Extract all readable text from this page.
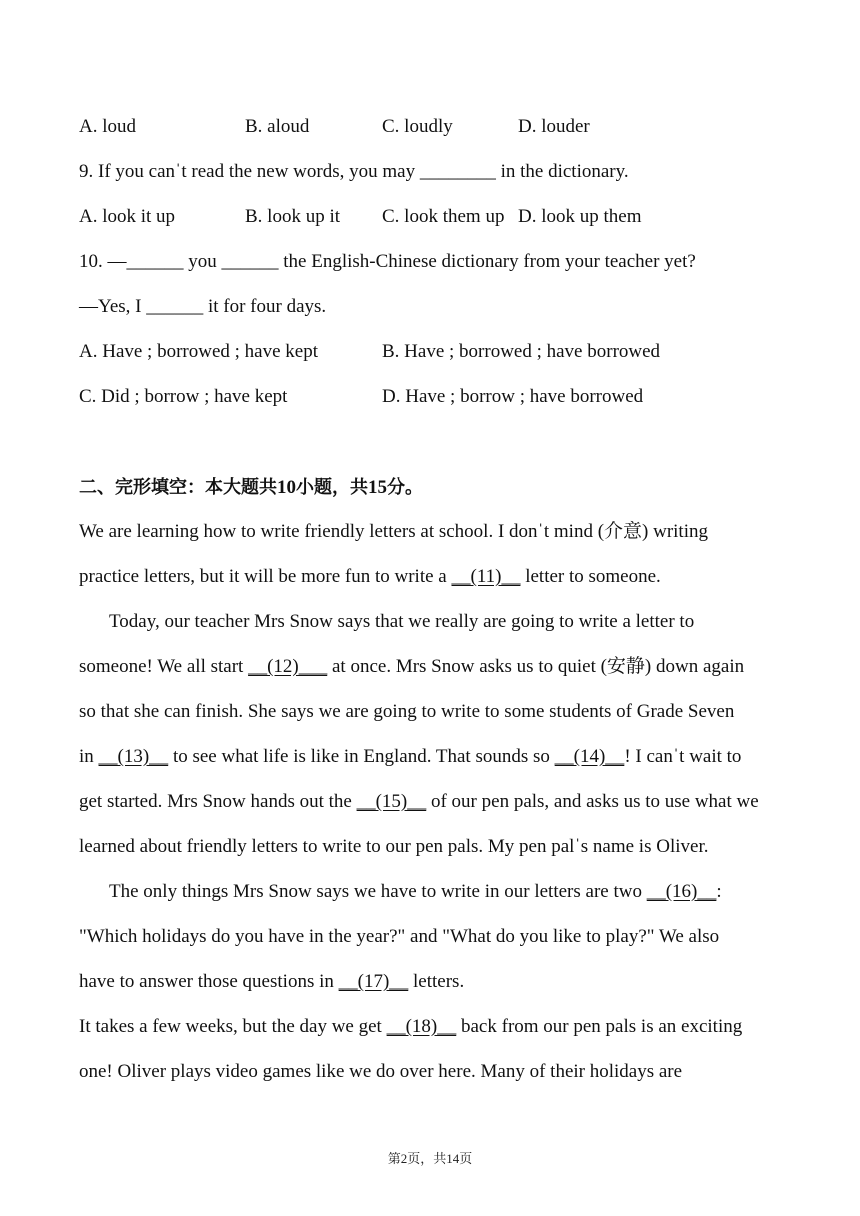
A. loud	B. aloud	C. loudly	D. louder
9. If you canˈt read the new words, you may ________ in the dictionary.
A. look it up	B. look up it C. look them up D. look up them
10. —______ you ______ the English-Chinese dictionary from your teacher yet?
—Yes, I ______ it for four days.
A. Have ; borrowed ; have kept	B. Have ; borrowed ; have borrowed
C. Did ; borrow ; have kept	D. Have ; borrow ; have borrowed
二、完形填空：本大题共10小题，共15分。
We are learning how to write friendly letters at school. I donˈt mind (介意) writing
practice letters, but it will be more fun to write a __(11)__ letter to someone.
Today, our teacher Mrs Snow says that we really are going to write a letter to
someone! We all start __(12)___ at once. Mrs Snow asks us to quiet (安静) down again
so that she can finish. She says we are going to write to some students of Grade Seven
in __(13)__ to see what life is like in England. That sounds so __(14)__! I canˈt wait to
get started. Mrs Snow hands out the __(15)__ of our pen pals, and asks us to use what we
learned about friendly letters to write to our pen pals. My pen palˈs name is Oliver.
The only things Mrs Snow says we have to write in our letters are two __(16)__:
"Which holidays do you have in the year?" and "What do you like to play?" We also
have to answer those questions in __(17)__ letters.
It takes a few weeks, but the day we get __(18)__ back from our pen pals is an exciting
one! Oliver plays video games like we do over here. Many of their holidays are
第2页，共14页
